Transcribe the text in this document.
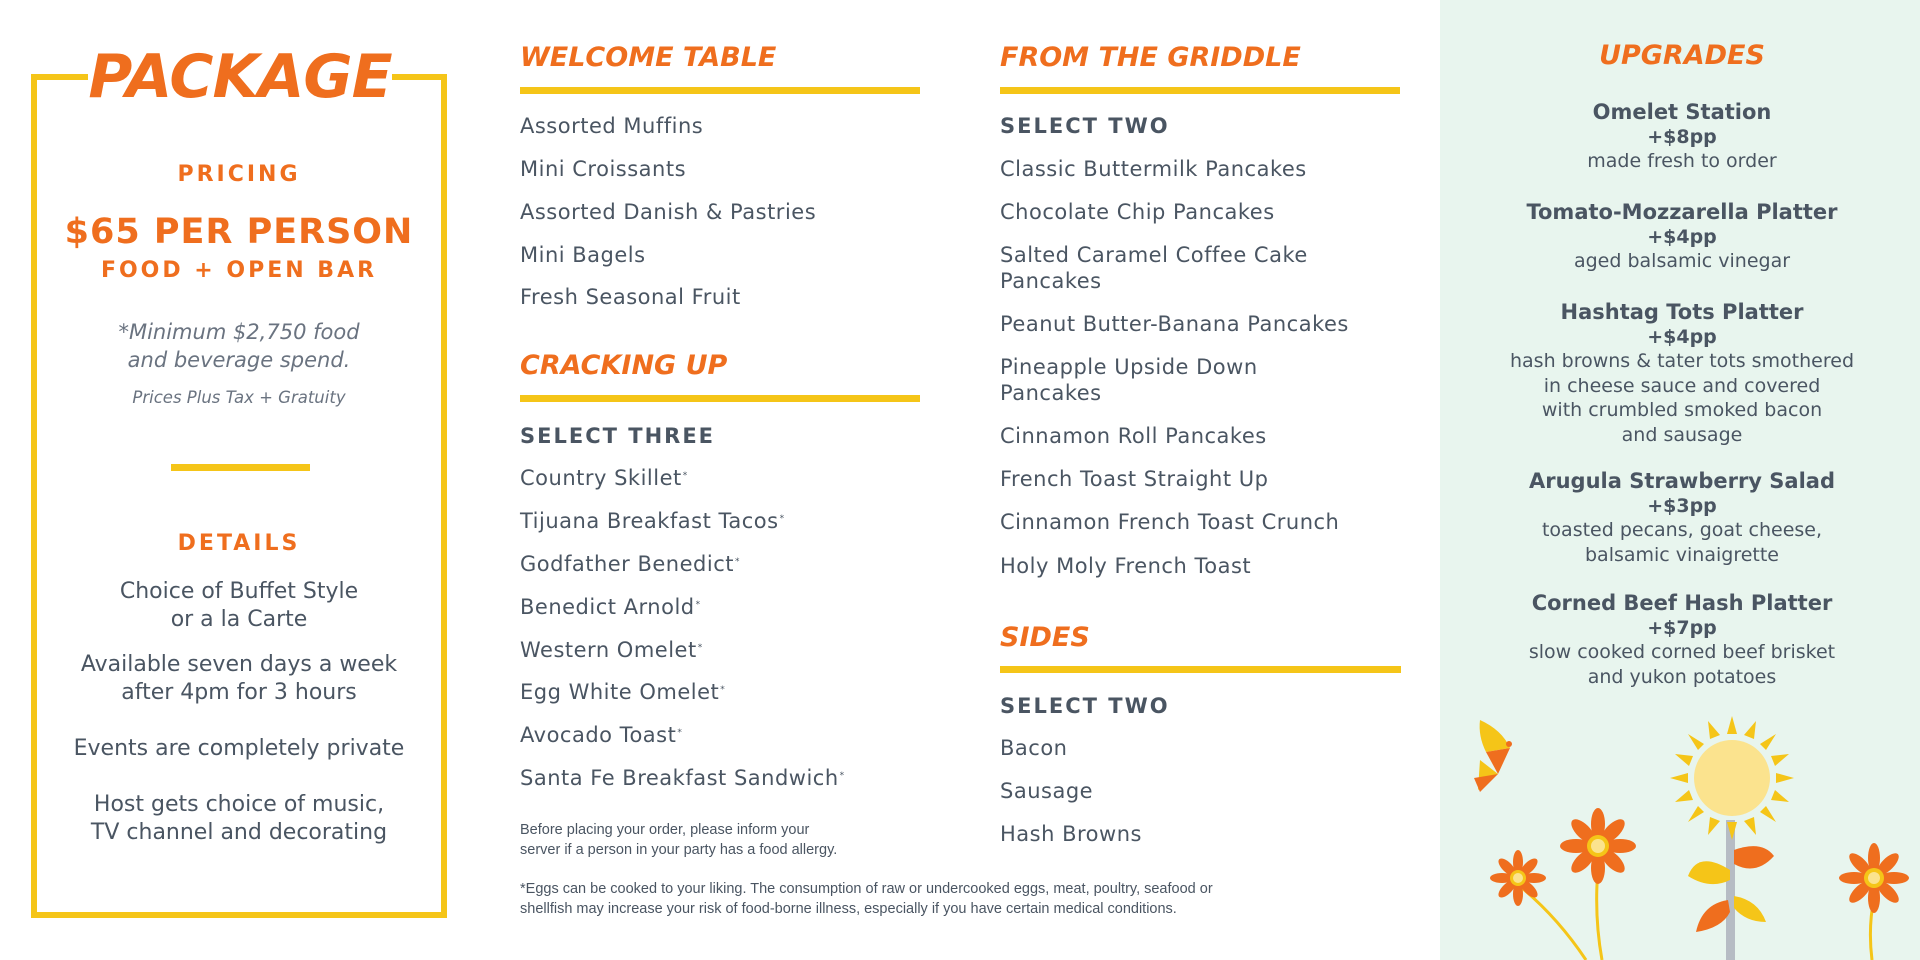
PACKAGE
PRICING
$65 PER PERSON
FOOD + OPEN BAR
*Minimum $2,750 food
and beverage spend.
Prices Plus Tax + Gratuity
DETAILS
Choice of Buffet Style
or a la Carte
Available seven days a week
after 4pm for 3 hours
Events are completely private
Host gets choice of music,
TV channel and decorating
WELCOME TABLE
Assorted Muffins
Mini Croissants
Assorted Danish & Pastries
Mini Bagels
Fresh Seasonal Fruit
CRACKING UP
SELECT THREE
Country Skillet*
Tijuana Breakfast Tacos*
Godfather Benedict*
Benedict Arnold*
Western Omelet*
Egg White Omelet*
Avocado Toast*
Santa Fe Breakfast Sandwich*
Before placing your order, please inform your
server if a person in your party has a food allergy.
*Eggs can be cooked to your liking. The consumption of raw or undercooked eggs, meat, poultry, seafood or
shellfish may increase your risk of food-borne illness, especially if you have certain medical conditions.
FROM THE GRIDDLE
SELECT TWO
Classic Buttermilk Pancakes
Chocolate Chip Pancakes
Salted Caramel Coffee Cake
Pancakes
Peanut Butter-Banana Pancakes
Pineapple Upside Down
Pancakes
Cinnamon Roll Pancakes
French Toast Straight Up
Cinnamon French Toast Crunch
Holy Moly French Toast
SIDES
SELECT TWO
Bacon
Sausage
Hash Browns
UPGRADES
Omelet Station
+$8pp
made fresh to order
Tomato-Mozzarella Platter
+$4pp
aged balsamic vinegar
Hashtag Tots Platter
+$4pp
hash browns & tater tots smothered
in cheese sauce and covered
with crumbled smoked bacon
and sausage
Arugula Strawberry Salad
+$3pp
toasted pecans, goat cheese,
balsamic vinaigrette
Corned Beef Hash Platter
+$7pp
slow cooked corned beef brisket
and yukon potatoes
